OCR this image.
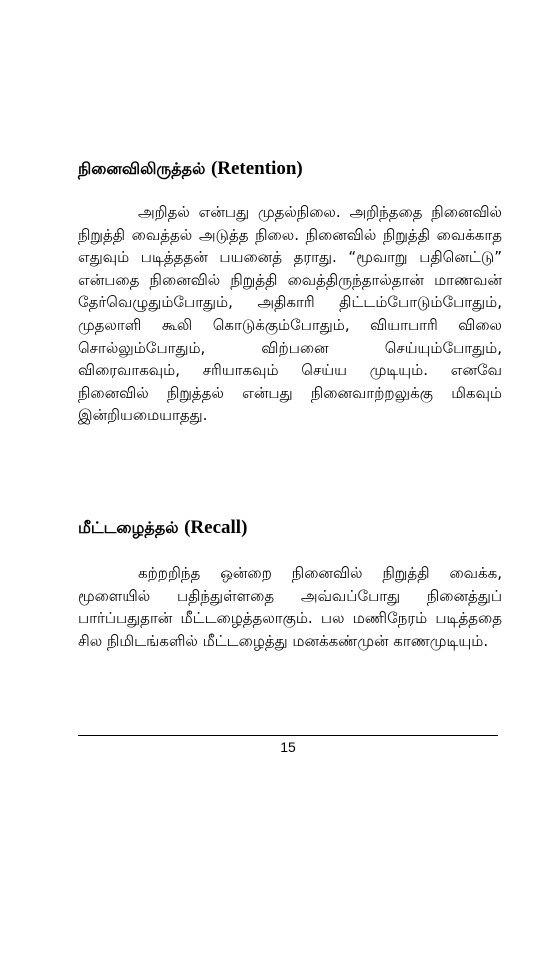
நினைவிலிருத்தல் (Retention)

அறிதல் என்பது முதல்நிலை. அறிந்ததை நினைவில் நிறுத்தி வைத்தல் அடுத்த நிலை. நினைவில் நிறுத்தி வைக்காத எதுவும் படித்ததன் பயனைத் தராது. “மூவாறு பதினெட்டு” என்பதை நினைவில் நிறுத்தி வைத்திருந்தால்தான் மாணவன் தேர்வெழுதும்போதும், அதிகாரி திட்டம்போடும்போதும், முதலாளி கூலி கொடுக்கும்போதும், வியாபாரி விலை சொல்லும்போதும், விற்பனை செய்யும்போதும், விரைவாகவும், சரியாகவும் செய்ய முடியும். எனவே நினைவில் நிறுத்தல் என்பது நினைவாற்றலுக்கு மிகவும் இன்றியமையாதது.

மீட்டழைத்தல் (Recall)

கற்றறிந்த ஒன்றை நினைவில் நிறுத்தி வைக்க, மூளையில் பதிந்துள்ளதை அவ்வப்போது நினைத்துப் பார்ப்பதுதான் மீட்டழைத்தலாகும். பல மணிநேரம் படித்ததை சில நிமிடங்களில் மீட்டழைத்து மனக்கண்முன் காணமுடியும்.

15
